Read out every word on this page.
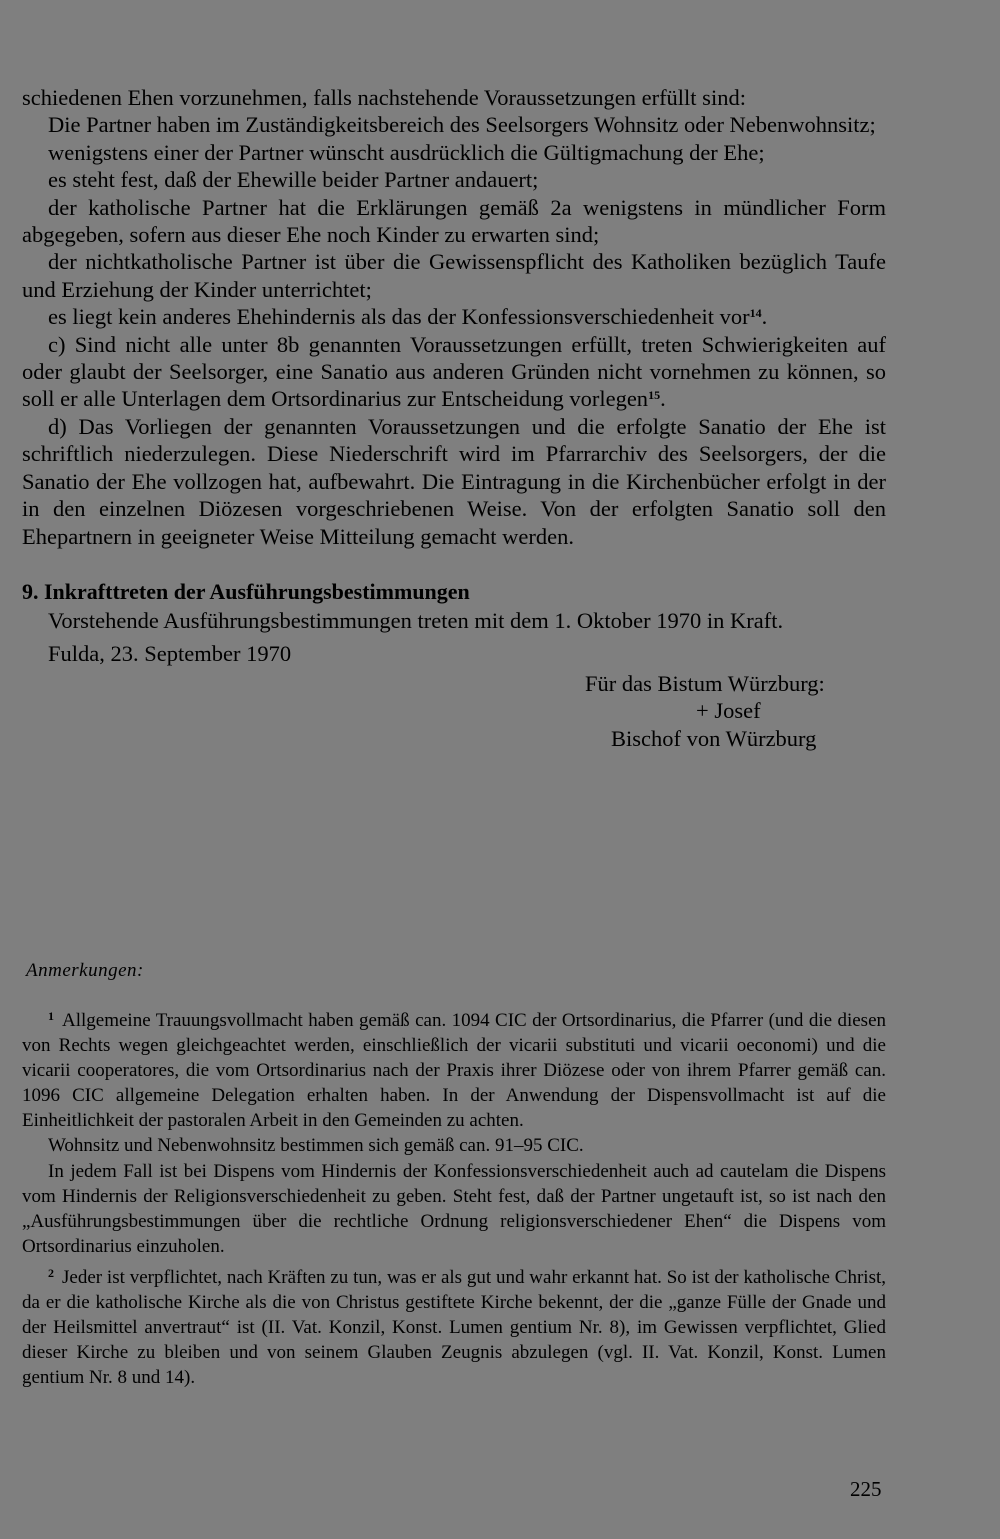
schiedenen Ehen vorzunehmen, falls nachstehende Voraussetzungen erfüllt sind:

Die Partner haben im Zuständigkeitsbereich des Seelsorgers Wohnsitz oder Nebenwohnsitz;

wenigstens einer der Partner wünscht ausdrücklich die Gültigmachung der Ehe;

es steht fest, daß der Ehewille beider Partner andauert;

der katholische Partner hat die Erklärungen gemäß 2a wenigstens in mündlicher Form abgegeben, sofern aus dieser Ehe noch Kinder zu erwarten sind;

der nichtkatholische Partner ist über die Gewissenspflicht des Katholiken bezüglich Taufe und Erziehung der Kinder unterrichtet;

es liegt kein anderes Ehehindernis als das der Konfessionsverschiedenheit vor$^{14}$.

c) Sind nicht alle unter 8b genannten Voraussetzungen erfüllt, treten Schwierigkeiten auf oder glaubt der Seelsorger, eine Sanatio aus anderen Gründen nicht vornehmen zu können, so soll er alle Unterlagen dem Ortsordinarius zur Entscheidung vorlegen$^{15}$.

d) Das Vorliegen der genannten Voraussetzungen und die erfolgte Sanatio der Ehe ist schriftlich niederzulegen. Diese Niederschrift wird im Pfarrarchiv des Seelsorgers, der die Sanatio der Ehe vollzogen hat, aufbewahrt. Die Eintragung in die Kirchenbücher erfolgt in der in den einzelnen Diözesen vorgeschriebenen Weise. Von der erfolgten Sanatio soll den Ehepartnern in geeigneter Weise Mitteilung gemacht werden.

9. Inkrafttreten der Ausführungsbestimmungen

Vorstehende Ausführungsbestimmungen treten mit dem 1. Oktober 1970 in Kraft.

Fulda, 23. September 1970

Für das Bistum Würzburg:
+ Josef
Bischof von Würzburg
Anmerkungen:

$^1$ Allgemeine Trauungsvollmacht haben gemäß can. 1094 CIC der Ortsordinarius, die Pfarrer (und die diesen von Rechts wegen gleichgeachtet werden, einschließlich der vicarii substituti und vicarii oeconomi) und die vicarii cooperatores, die vom Ortsordinarius nach der Praxis ihrer Diözese oder von ihrem Pfarrer gemäß can. 1096 CIC allgemeine Delegation erhalten haben. In der Anwendung der Dispensvollmacht ist auf die Einheitlichkeit der pastoralen Arbeit in den Gemeinden zu achten.

Wohnsitz und Nebenwohnsitz bestimmen sich gemäß can. 91–95 CIC.

In jedem Fall ist bei Dispens vom Hindernis der Konfessionsverschiedenheit auch ad cautelam die Dispens vom Hindernis der Religionsverschiedenheit zu geben. Steht fest, daß der Partner ungetauft ist, so ist nach den „Ausführungsbestimmungen über die rechtliche Ordnung religionsverschiedener Ehen“ die Dispens vom Ortsordinarius einzuholen.

$^2$ Jeder ist verpflichtet, nach Kräften zu tun, was er als gut und wahr erkannt hat. So ist der katholische Christ, da er die katholische Kirche als die von Christus gestiftete Kirche bekennt, der die „ganze Fülle der Gnade und der Heilsmittel anvertraut“ ist (II. Vat. Konzil, Konst. Lumen gentium Nr. 8), im Gewissen verpflichtet, Glied dieser Kirche zu bleiben und von seinem Glauben Zeugnis abzulegen (vgl. II. Vat. Konzil, Konst. Lumen gentium Nr. 8 und 14).

225
